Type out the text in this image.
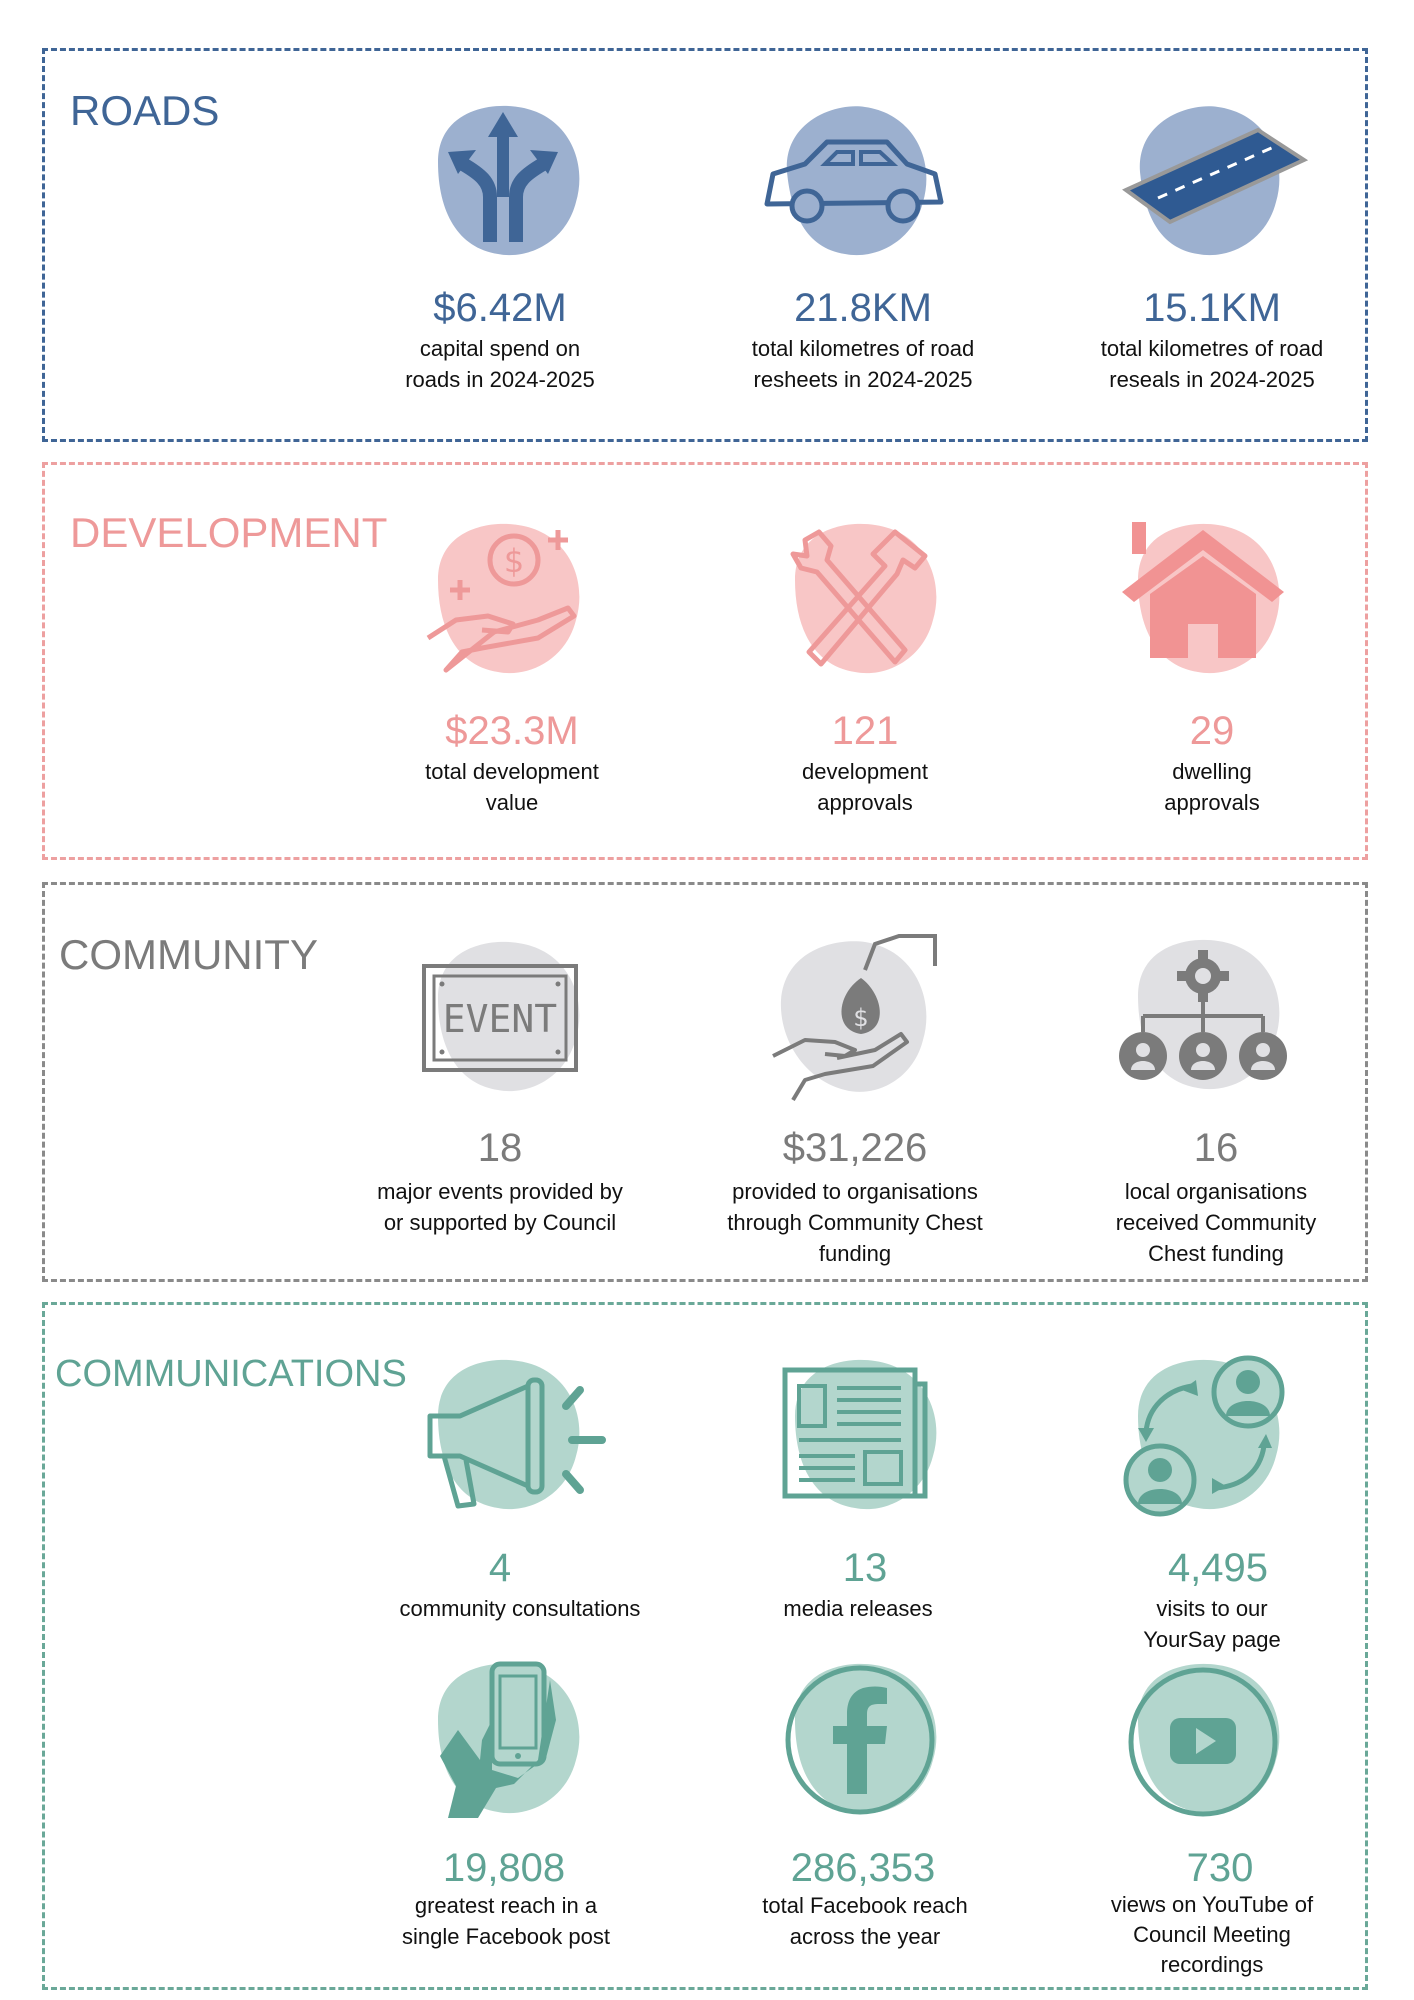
ROADS
$6.42M
capital spend on
roads in 2024-2025
21.8KM
total kilometres of road
resheets in 2024-2025
15.1KM
total kilometres of road
reseals in 2024-2025
DEVELOPMENT
$
$23.3M
total development
value
121
development
approvals
29
dwelling
approvals
COMMUNITY
EVENT	$
18
major events provided by
or supported by Council
$31,226
provided to organisations
through Community Chest
funding
16
local organisations
received Community
Chest funding
COMMUNICATIONS
4
community consultations
13
media releases
4,495
visits to our
YourSay page
19,808
greatest reach in a
single Facebook post
286,353
total Facebook reach
across the year
730
views on YouTube of
Council Meeting
recordings
